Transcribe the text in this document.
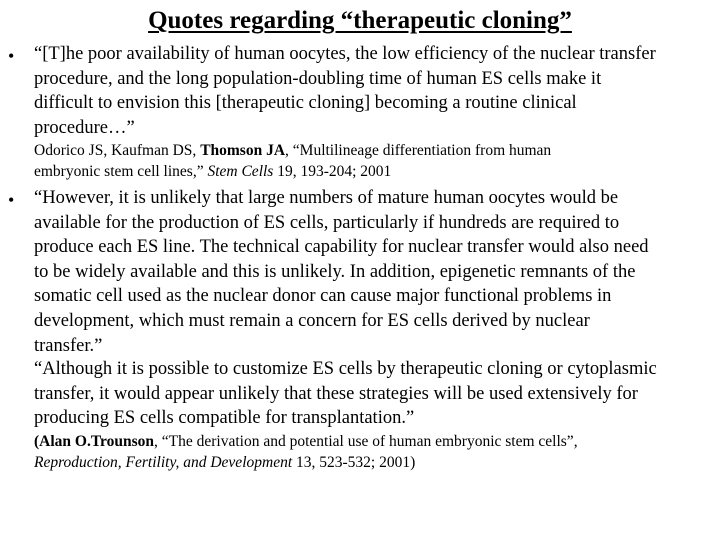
Quotes regarding “therapeutic cloning”
• “[T]he poor availability of human oocytes, the low efficiency of the nuclear transfer
procedure, and the long population-doubling time of human ES cells make it
difficult to envision this [therapeutic cloning] becoming a routine clinical
procedure…”
Odorico JS, Kaufman DS, Thomson JA, “Multilineage differentiation from human
embryonic stem cell lines,” Stem Cells 19, 193-204; 2001
• “However, it is unlikely that large numbers of mature human oocytes would be
available for the production of ES cells, particularly if hundreds are required to
produce each ES line. The technical capability for nuclear transfer would also need
to be widely available and this is unlikely. In addition, epigenetic remnants of the
somatic cell used as the nuclear donor can cause major functional problems in
development, which must remain a concern for ES cells derived by nuclear
transfer.”
“Although it is possible to customize ES cells by therapeutic cloning or cytoplasmic
transfer, it would appear unlikely that these strategies will be used extensively for
producing ES cells compatible for transplantation.”
(Alan O.Trounson, “The derivation and potential use of human embryonic stem cells”,
Reproduction, Fertility, and Development 13, 523-532; 2001)
